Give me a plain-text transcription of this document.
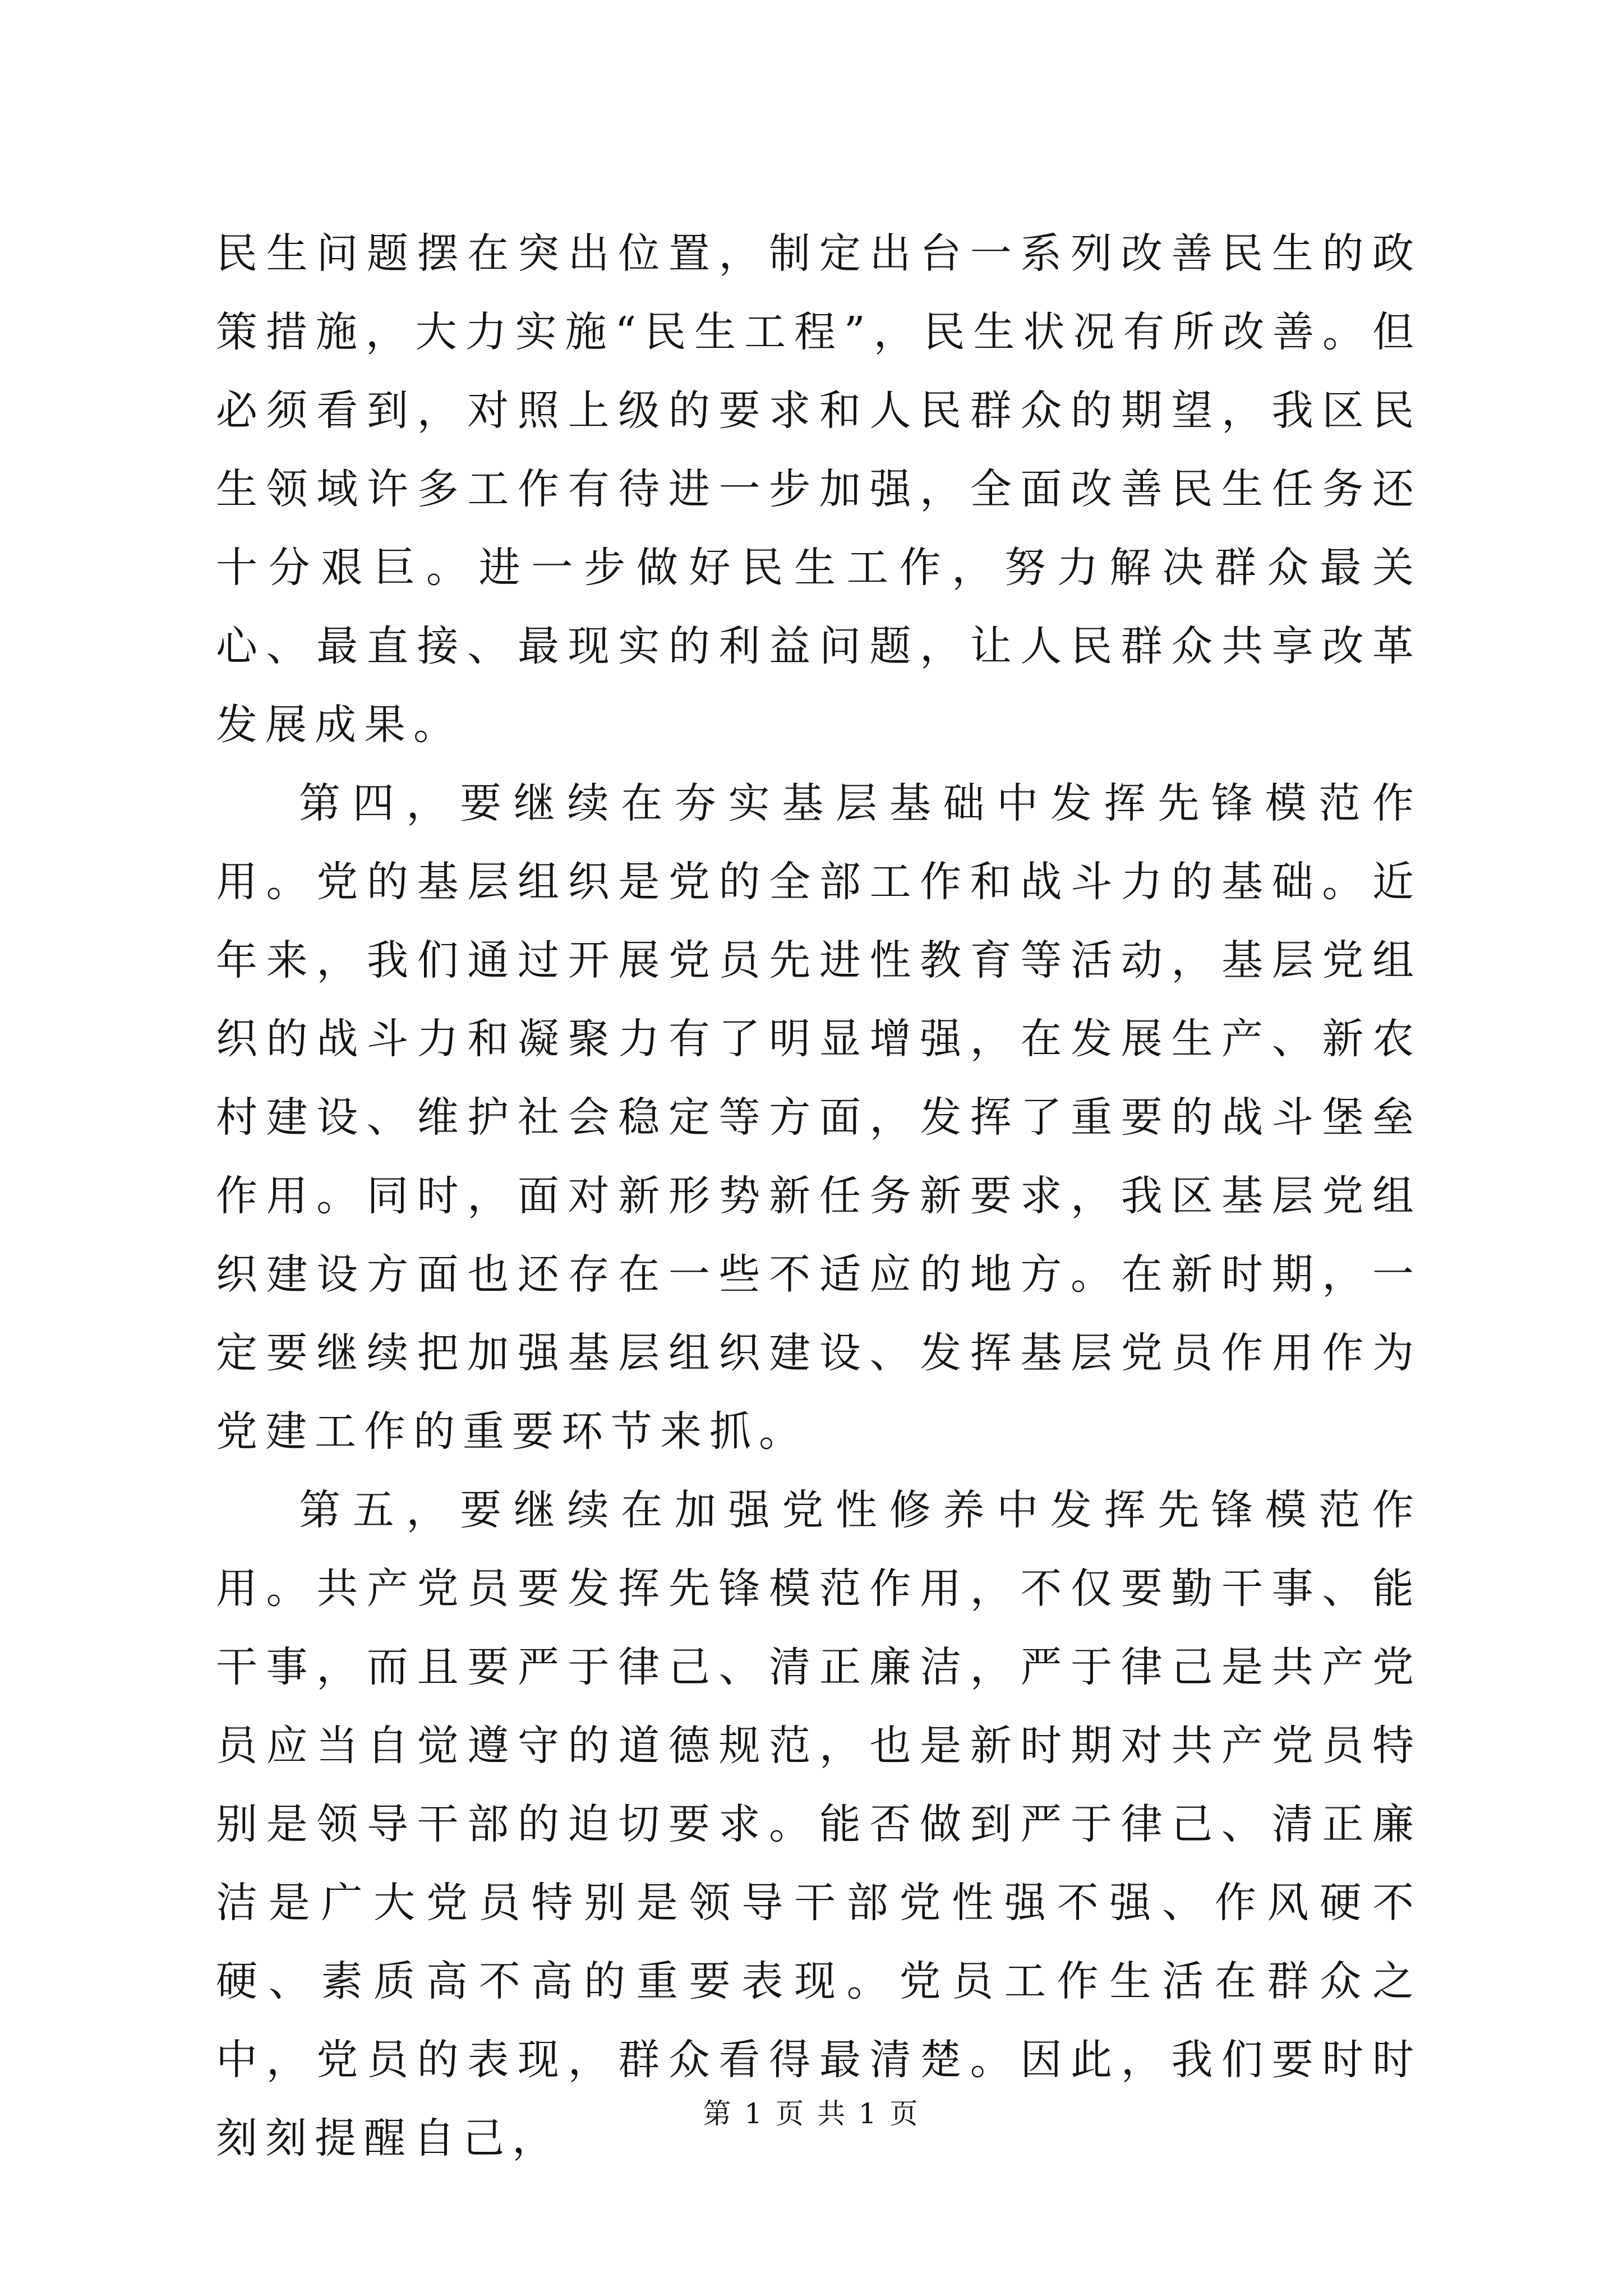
民生问题摆在突出位置，制定出台一系列改善民生的政策措施，大力实施“民生工程”，民生状况有所改善。但必须看到，对照上级的要求和人民群众的期望，我区民生领域许多工作有待进一步加强，全面改善民生任务还十分艰巨。进一步做好民生工作，努力解决群众最关心、最直接、最现实的利益问题，让人民群众共享改革发展成果。

第四，要继续在夯实基层基础中发挥先锋模范作用。党的基层组织是党的全部工作和战斗力的基础。近年来，我们通过开展党员先进性教育等活动，基层党组织的战斗力和凝聚力有了明显增强，在发展生产、新农村建设、维护社会稳定等方面，发挥了重要的战斗堡垒作用。同时，面对新形势新任务新要求，我区基层党组织建设方面也还存在一些不适应的地方。在新时期，一定要继续把加强基层组织建设、发挥基层党员作用作为党建工作的重要环节来抓。

第五，要继续在加强党性修养中发挥先锋模范作用。共产党员要发挥先锋模范作用，不仅要勤干事、能干事，而且要严于律己、清正廉洁，严于律己是共产党员应当自觉遵守的道德规范，也是新时期对共产党员特别是领导干部的迫切要求。能否做到严于律己、清正廉洁是广大党员特别是领导干部党性强不强、作风硬不硬、素质高不高的重要表现。党员工作生活在群众之中，党员的表现，群众看得最清楚。因此，我们要时时刻刻提醒自己，

第 1 页 共 1 页
